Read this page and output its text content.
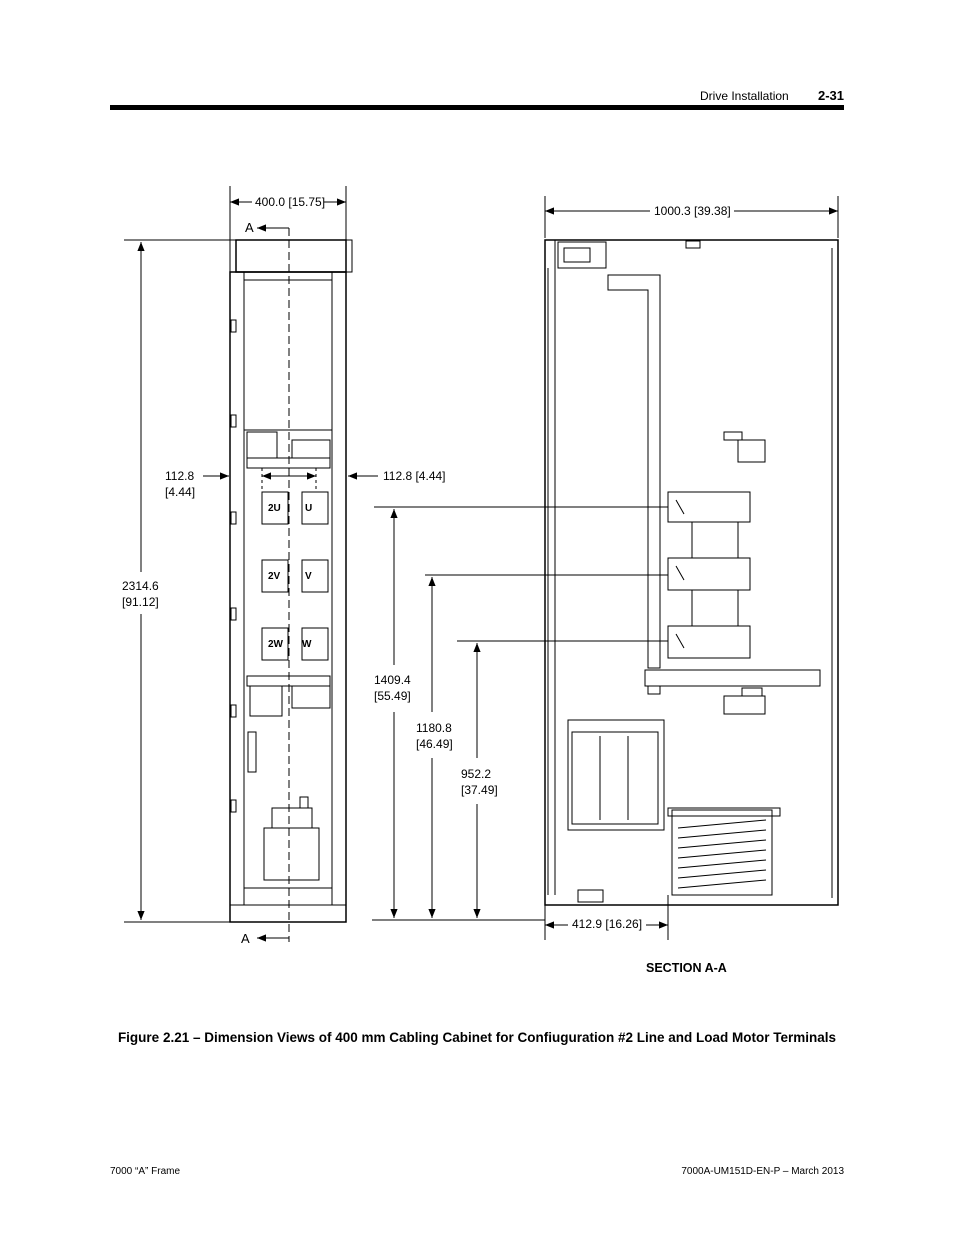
Drive Installation 2-31
2U U
2V V
2W W
A
A
400.0 [15.75]
2314.6
[91.12]
112.8
[4.44]
112.8 [4.44]
1409.4
[55.49]
1180.8
[46.49]
952.2
[37.49]
1000.3 [39.38]
412.9 [16.26]
SECTION A-A
Figure 2.21 – Dimension Views of 400 mm Cabling Cabinet for Confiuguration #2 Line and Load Motor Terminals
7000 “A” Frame	7000A-UM151D-EN-P – March 2013
